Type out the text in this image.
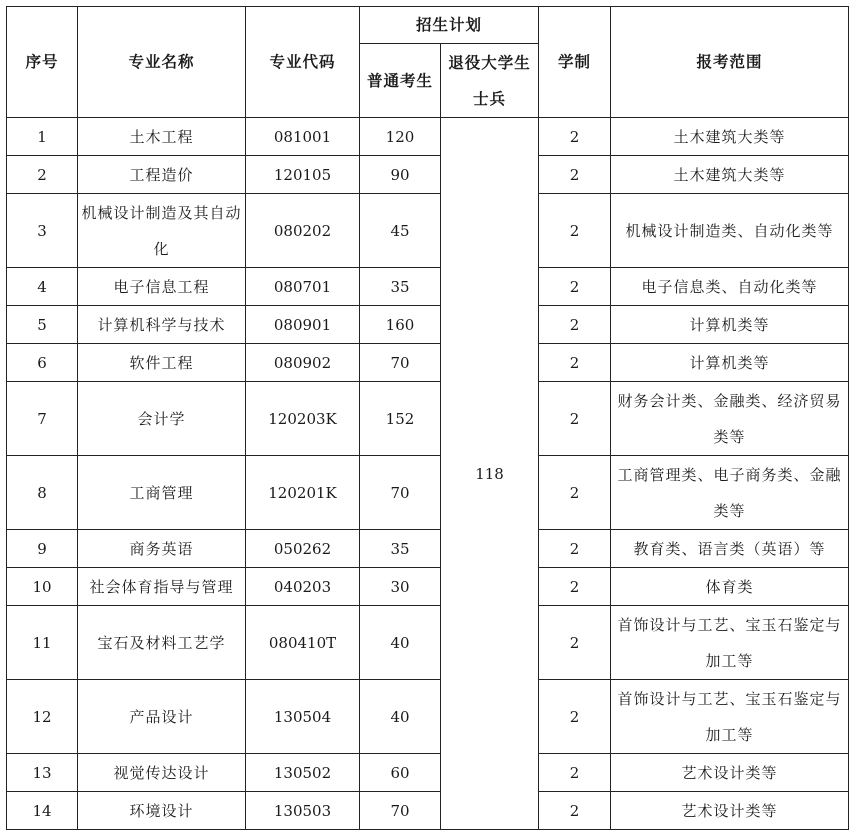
序号	专业名称	专业代码	招生计划		学制	报考范围
			普通考生	退役大学生士兵		
1	土木工程	081001	120	118	2	土木建筑大类等
2	工程造价	120105	90		2	土木建筑大类等
3	机械设计制造及其自动化	080202	45		2	机械设计制造类、自动化类等
4	电子信息工程	080701	35		2	电子信息类、自动化类等
5	计算机科学与技术	080901	160		2	计算机类等
6	软件工程	080902	70		2	计算机类等
7	会计学	120203K	152		2	财务会计类、金融类、经济贸易类等
8	工商管理	120201K	70		2	工商管理类、电子商务类、金融类等
9	商务英语	050262	35		2	教育类、语言类（英语）等
10	社会体育指导与管理	040203	30		2	体育类
11	宝石及材料工艺学	080410T	40		2	首饰设计与工艺、宝玉石鉴定与加工等
12	产品设计	130504	40		2	首饰设计与工艺、宝玉石鉴定与加工等
13	视觉传达设计	130502	60		2	艺术设计类等
14	环境设计	130503	70		2	艺术设计类等
